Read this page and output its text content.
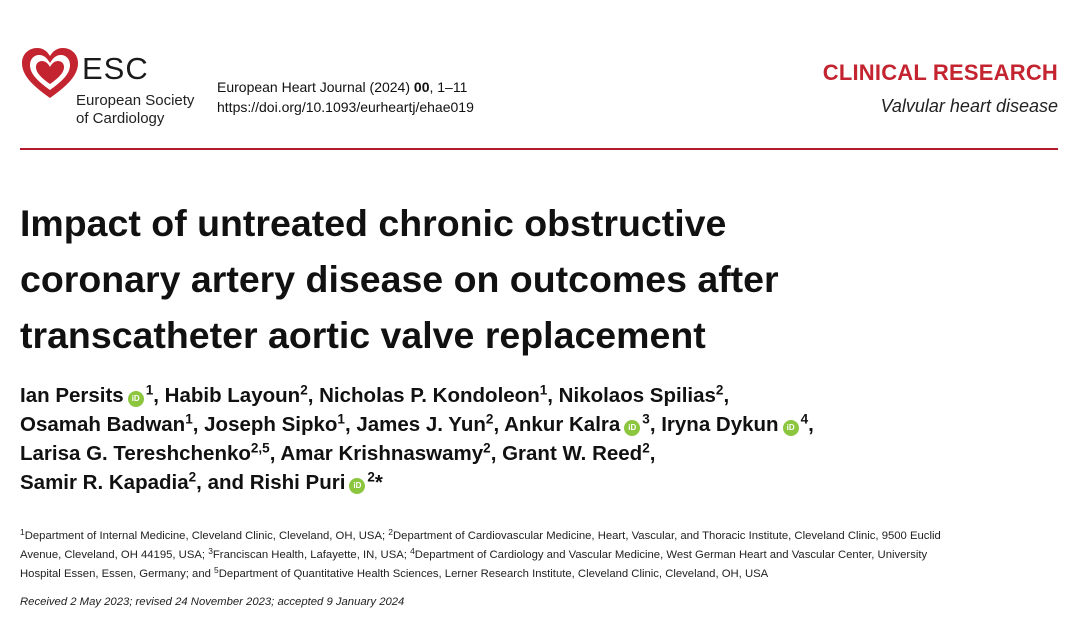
ESC
European Society
of Cardiology
European Heart Journal (2024) 00, 1–11
https://doi.org/10.1093/eurheartj/ehae019
CLINICAL RESEARCH
Valvular heart disease
Impact of untreated chronic obstructive
coronary artery disease on outcomes after
transcatheter aortic valve replacement
Ian Persits $iD^1$, Habib Layoun$^2$, Nicholas P. Kondoleon$^1$, Nikolaos Spilias$^2$,
Osamah Badwan$^1$, Joseph Sipko$^1$, James J. Yun$^2$, Ankur Kalra $iD^3$, Iryna Dykun $iD^4$,
Larisa G. Tereshchenko$^{2,5}$, Amar Krishnaswamy$^2$, Grant W. Reed$^2$,
Samir R. Kapadia$^2$, and Rishi Puri $iD^2*$
$^1$Department of Internal Medicine, Cleveland Clinic, Cleveland, OH, USA; $^2$Department of Cardiovascular Medicine, Heart, Vascular, and Thoracic Institute, Cleveland Clinic, 9500 Euclid
Avenue, Cleveland, OH 44195, USA; $^3$Franciscan Health, Lafayette, IN, USA; $^4$Department of Cardiology and Vascular Medicine, West German Heart and Vascular Center, University
Hospital Essen, Essen, Germany; and $^5$Department of Quantitative Health Sciences, Lerner Research Institute, Cleveland Clinic, Cleveland, OH, USA
Received 2 May 2023; revised 24 November 2023; accepted 9 January 2024
